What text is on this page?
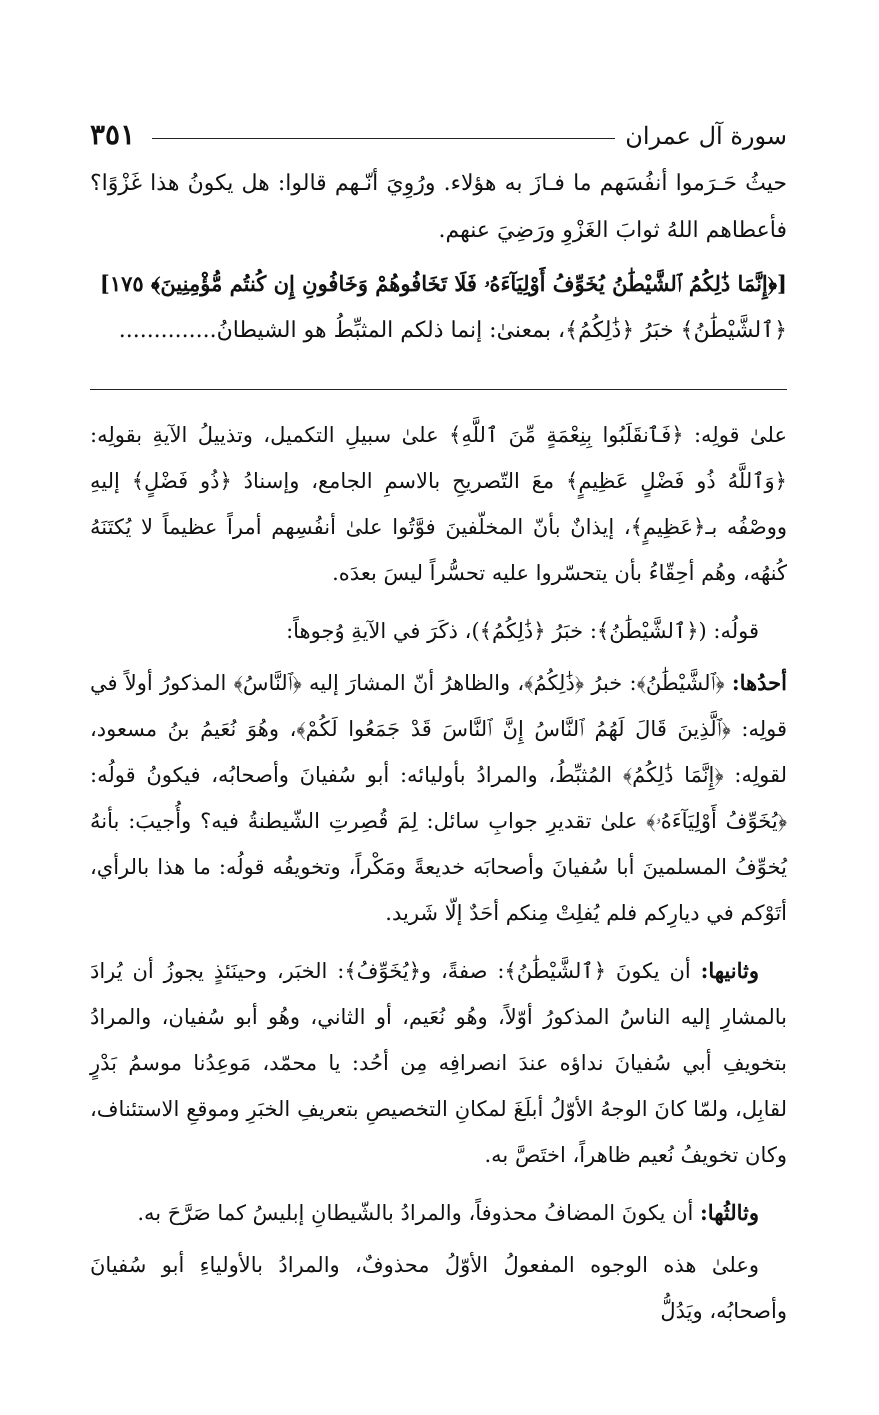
سورة آل عمران
٣٥١

حيثُ حَـرَموا أنفُسَهم ما فـازَ به هؤلاء. ورُوِيَ أنّـهم قالوا: هل يكونُ هذا غَزْوًا؟ فأعطاهم اللهُ ثوابَ الغَزْوِ ورَضِيَ عنهم.

[﴿إِنَّمَا ذَٰلِكُمُ ٱلشَّيْطَٰنُ يُخَوِّفُ أَوْلِيَآءَهُۥ فَلَا تَخَافُوهُمْ وَخَافُونِ إِن كُنتُم مُّؤْمِنِينَ﴾ ١٧٥]

﴿ٱلشَّيْطَٰنُ﴾ خبَرُ ﴿ذَٰلِكُمُ﴾، بمعنىٰ: إنما ذلكم المثبِّطُ هو الشيطانُ..............

علىٰ قولِه: ﴿فَٱنقَلَبُوا بِنِعْمَةٍ مِّنَ ٱللَّهِ﴾ علىٰ سبيلِ التكميل، وتذييلُ الآيةِ بقولِه: ﴿وَٱللَّهُ ذُو فَضْلٍ عَظِيمٍ﴾ معَ التّصريحِ بالاسمِ الجامع، وإسنادُ ﴿ذُو فَضْلٍ﴾ إليهِ ووصْفُه بـ﴿عَظِيمٍ﴾، إيذانٌ بأنّ المخلّفينَ فوَّتُوا علىٰ أنفُسِهم أمراً عظيماً لا يُكتَنَهُ كُنهُه، وهُم أحِقّاءُ بأن يتحسّروا عليه تحسُّراً ليسَ بعدَه.

قولُه: (﴿ٱلشَّيْطَٰنُ﴾: خبَرُ ﴿ذَٰلِكُمُ﴾)، ذكَرَ في الآيةِ وُجوهاً:

أحدُها: ﴿ٱلشَّيْطَٰنُ﴾: خبرُ ﴿ذَٰلِكُمُ﴾، والظاهرُ أنّ المشارَ إليه ﴿ٱلنَّاسُ﴾ المذكورُ أولاً في قولِه: ﴿ٱلَّذِينَ قَالَ لَهُمُ ٱلنَّاسُ إِنَّ ٱلنَّاسَ قَدْ جَمَعُوا لَكُمْ﴾، وهُوَ نُعَيمُ بنُ مسعود، لقولِه: ﴿إِنَّمَا ذَٰلِكُمُ﴾ المُثبِّطُ، والمرادُ بأوليائه: أبو سُفيانَ وأصحابُه، فيكونُ قولُه: ﴿يُخَوِّفُ أَوْلِيَآءَهُۥ﴾ علىٰ تقديرِ جوابِ سائل: لِمَ قُصِرتِ الشّيطنةُ فيه؟ وأُجيبَ: بأنهُ يُخوِّفُ المسلمينَ أبا سُفيانَ وأصحابَه خديعةً ومَكْراً، وتخويفُه قولُه: ما هذا بالرأي، أتَوْكم في ديارِكم فلم يُفلِتْ مِنكم أحَدٌ إلّا شَريد.

وثانيها: أن يكونَ ﴿ٱلشَّيْطَٰنُ﴾: صفةً، و﴿يُخَوِّفُ﴾: الخبَر، وحينَئذٍ يجوزُ أن يُرادَ بالمشارِ إليه الناسُ المذكورُ أوّلاً، وهُو نُعَيم، أو الثاني، وهُو أبو سُفيان، والمرادُ بتخويفِ أبي سُفيانَ نداؤه عندَ انصرافِه مِن أحُد: يا محمّد، مَوعِدُنا موسمُ بَدْرٍ لقابِل، ولمّا كانَ الوجهُ الأوّلُ أبلَغَ لمكانِ التخصيصِ بتعريفِ الخبَرِ وموقعِ الاستئناف، وكان تخويفُ نُعيم ظاهراً، اختَصَّ به.

وثالثُها: أن يكونَ المضافُ محذوفاً، والمرادُ بالشّيطانِ إبليسُ كما صَرَّحَ به.

وعلىٰ هذه الوجوه المفعولُ الأوّلُ محذوفٌ، والمرادُ بالأولياءِ أبو سُفيانَ وأصحابُه، ويَدُلُّ
